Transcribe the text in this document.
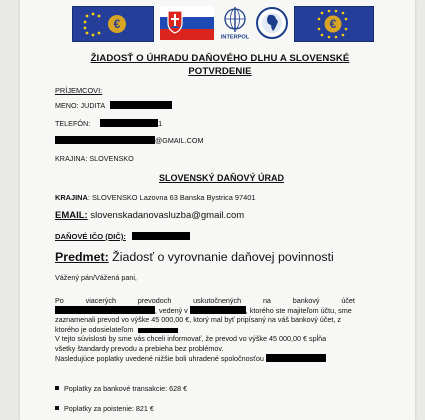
€
INTERPOL
€
ŽIADOSŤ O ÚHRADU DAŇOVÉHO DLHU A SLOVENSKÉ
POTVRDENIE
PRÍJEMCOVI:
MENO: JUDITA
TELEFÓN:	1
@GMAIL.COM
KRAJINA: SLOVENSKO
SLOVENSKÝ DAŇOVÝ ÚRAD
KRAJINA: SLOVENSKO Lazovna 63 Banska Bystrica 97401
EMAIL: slovenskadanovasluzba@gmail.com
DAŇOVÉ IČO (DIČ):
Predmet: Žiadosť o vyrovnanie daňovej povinnosti
Vážený pán/Vážená pani,
Po	viacerých	prevodoch	uskutočnených	na	bankový	účet
, vedený v	, ktorého ste majiteľom účtu, sme
zaznamenali prevod vo výške 45 000,00 €, ktorý mal byť pripísaný na váš bankový účet, z
ktorého je odosielateľom
V tejto súvislosti by sme vás chceli informovať, že prevod vo výške 45 000,00 € spĺňa
všetky štandardy prevodu a prebieha bez problémov.
Nasledujúce poplatky uvedené nižšie boli uhradené spoločnosťou
Poplatky za bankové transakcie: 628 €
Poplatky za poistenie: 821 €
